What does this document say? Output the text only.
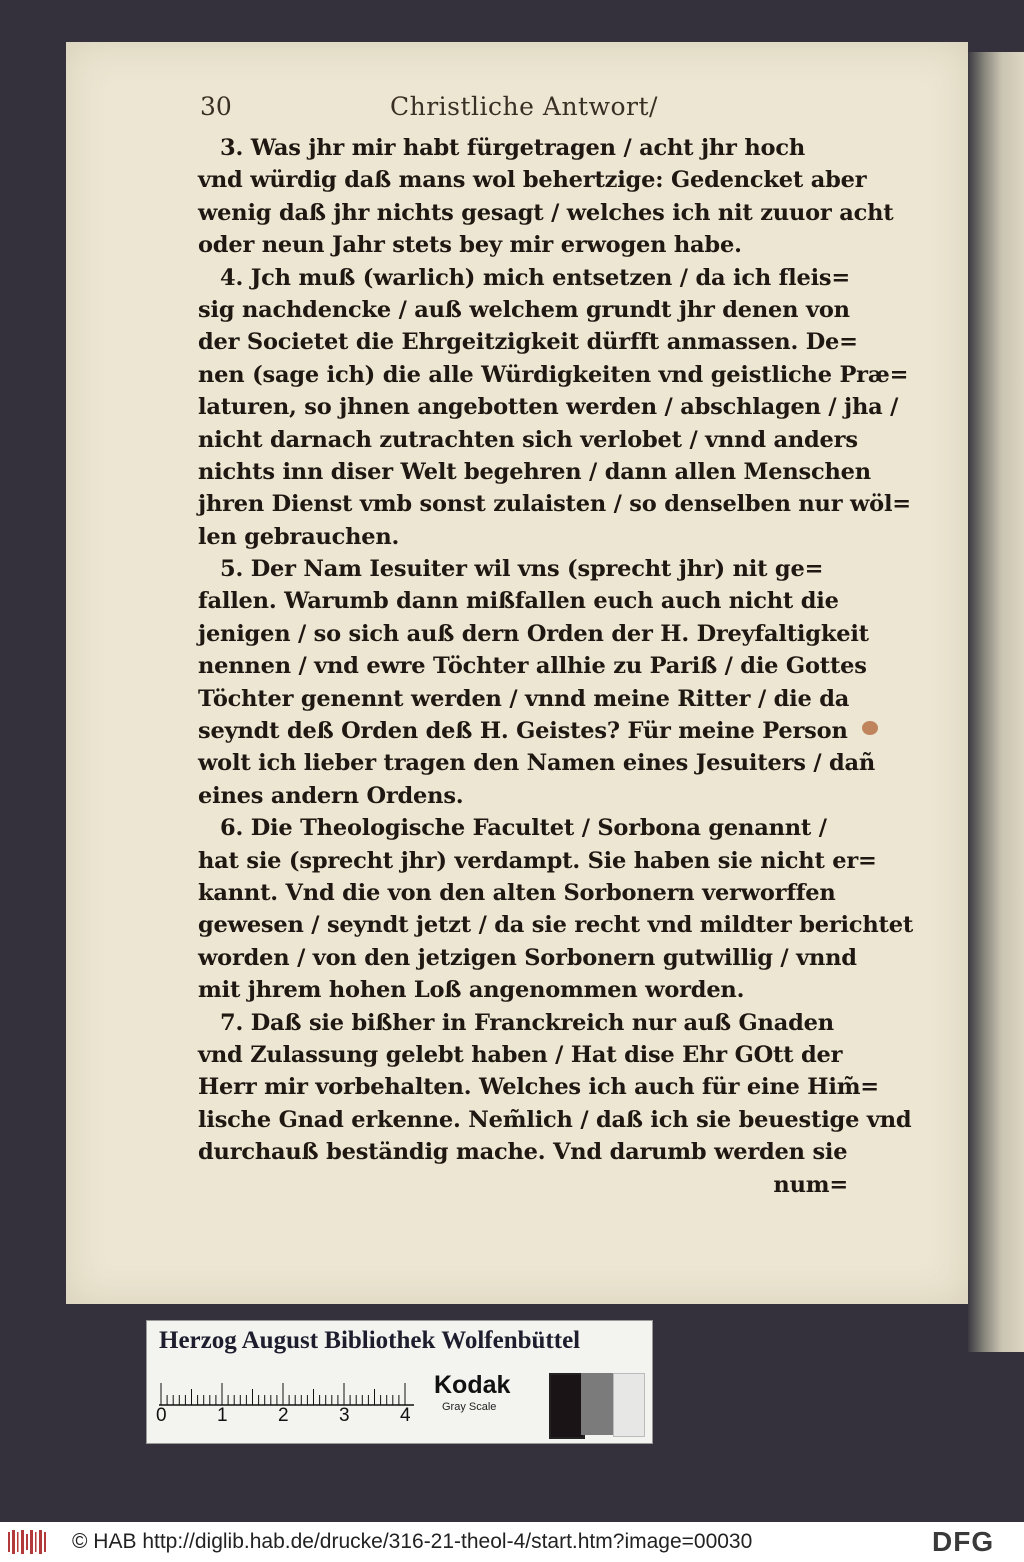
30	Christliche Antwort/
3. Was jhr mir habt fürgetragen / acht jhr hoch
vnd würdig daß mans wol behertzige: Gedencket aber
wenig daß jhr nichts gesagt / welches ich nit zuuor acht
oder neun Jahr stets bey mir erwogen habe.
4. Jch muß (warlich) mich entsetzen / da ich fleis=
sig nachdencke / auß welchem grundt jhr denen von
der Societet die Ehrgeitzigkeit dürfft anmassen. De=
nen (sage ich) die alle Würdigkeiten vnd geistliche Præ=
laturen, so jhnen angebotten werden / abschlagen / jha /
nicht darnach zutrachten sich verlobet / vnnd anders
nichts inn diser Welt begehren / dann allen Menschen
jhren Dienst vmb sonst zulaisten / so denselben nur wöl=
len gebrauchen.
5. Der Nam Iesuiter wil vns (sprecht jhr) nit ge=
fallen. Warumb dann mißfallen euch auch nicht die
jenigen / so sich auß dern Orden der H. Dreyfaltigkeit
nennen / vnd ewre Töchter allhie zu Pariß / die Gottes
Töchter genennt werden / vnnd meine Ritter / die da
seyndt deß Orden deß H. Geistes? Für meine Person
wolt ich lieber tragen den Namen eines Jesuiters / dañ
eines andern Ordens.
6. Die Theologische Facultet / Sorbona genannt /
hat sie (sprecht jhr) verdampt. Sie haben sie nicht er=
kannt. Vnd die von den alten Sorbonern verworffen
gewesen / seyndt jetzt / da sie recht vnd mildter berichtet
worden / von den jetzigen Sorbonern gutwillig / vnnd
mit jhrem hohen Loß angenommen worden.
7. Daß sie bißher in Franckreich nur auß Gnaden
vnd Zulassung gelebt haben / Hat dise Ehr GOtt der
Herr mir vorbehalten. Welches ich auch für eine Him̃=
lische Gnad erkenne. Nem̃lich / daß ich sie beuestige vnd
durchauß beständig mache. Vnd darumb werden sie
num=
Herzog August Bibliothek Wolfenbüttel
0	1	2	3	4
Kodak
Gray Scale
© HAB http://diglib.hab.de/drucke/316-21-theol-4/start.htm?image=00030	DFG
